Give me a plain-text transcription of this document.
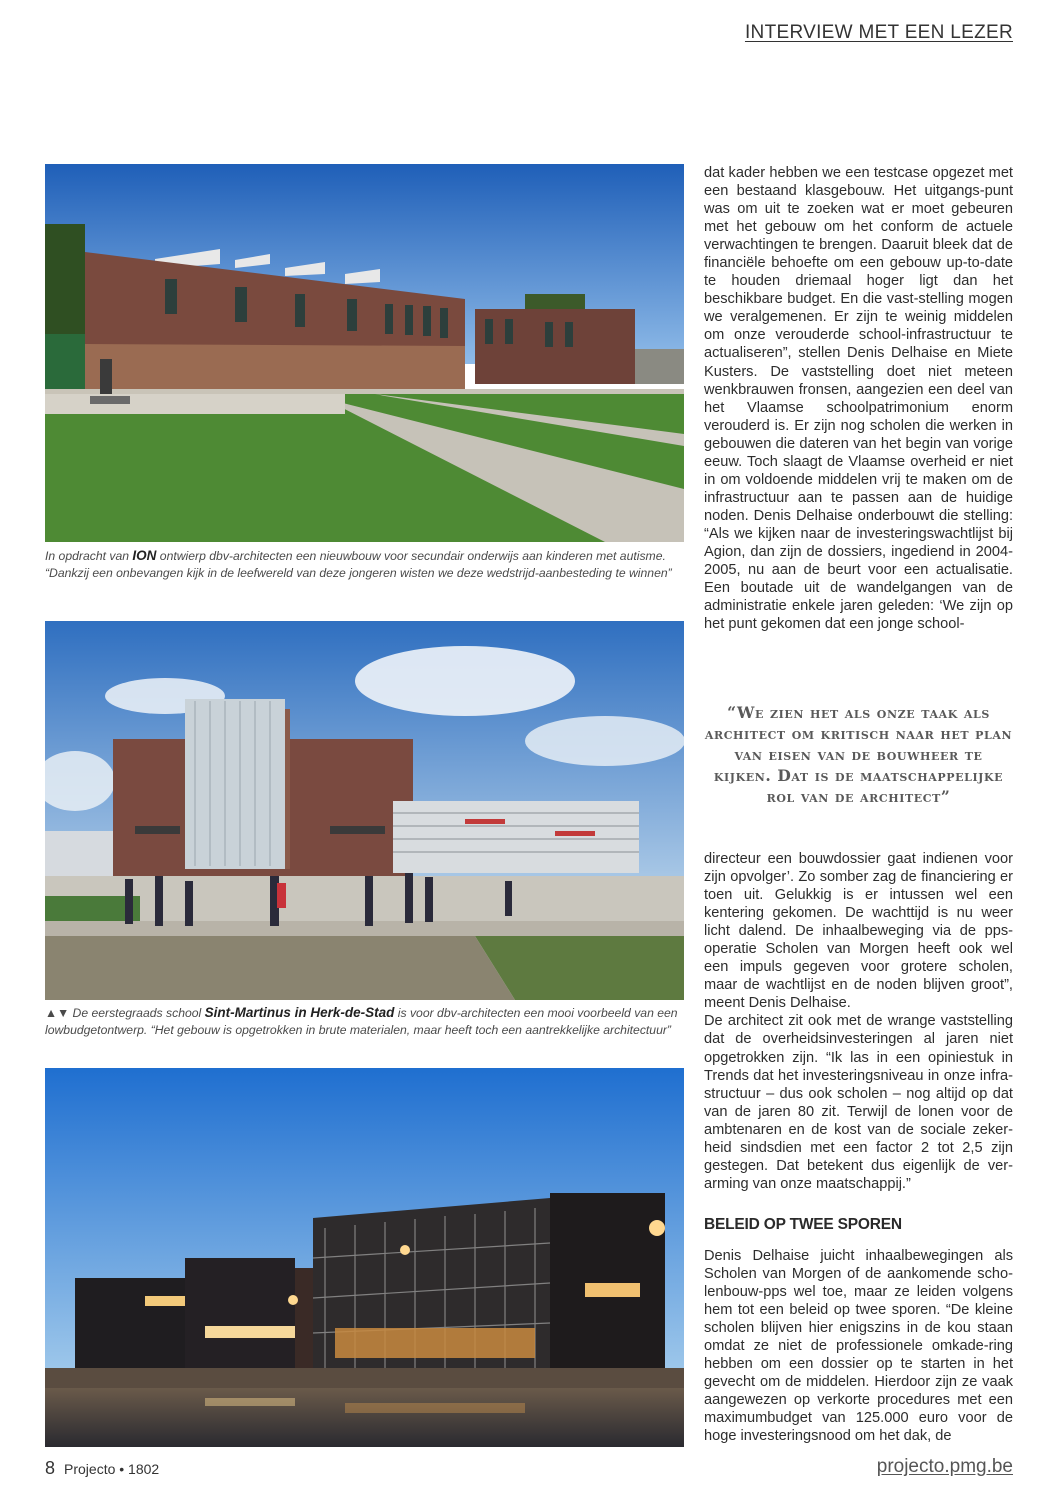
INTERVIEW MET EEN LEZER
In opdracht van ION ontwierp dbv-architecten een nieuwbouw voor secundair onderwijs aan kinderen met autisme. “Dankzij een onbevangen kijk in de leefwereld van deze jongeren wisten we deze wedstrijd-aanbesteding te winnen”
▲▼ De eerstegraads school Sint-Martinus in Herk-de-Stad is voor dbv-architecten een mooi voorbeeld van een lowbudgetontwerp. “Het gebouw is opgetrokken in brute materialen, maar heeft toch een aantrekkelijke architectuur”

dat kader hebben we een testcase opgezet met een bestaand klasgebouw. Het uitgangs-punt was om uit te zoeken wat er moet gebeuren met het gebouw om het conform de actuele verwachtingen te brengen. Daaruit bleek dat de financiële behoefte om een gebouw up-to-date te houden driemaal hoger ligt dan het beschikbare budget. En die vast-stelling mogen we veralgemenen. Er zijn te weinig middelen om onze verouderde school-infrastructuur te actualiseren”, stellen Denis Delhaise en Miete Kusters. De vaststelling doet niet meteen wenkbrauwen fronsen, aangezien een deel van het Vlaamse schoolpatrimonium enorm verouderd is. Er zijn nog scholen die werken in gebouwen die dateren van het begin van vorige eeuw. Toch slaagt de Vlaamse overheid er niet in om voldoende middelen vrij te maken om de infrastructuur aan te passen aan de huidige noden. Denis Delhaise onderbouwt die stelling: “Als we kijken naar de investeringswachtlijst bij Agion, dan zijn de dossiers, ingediend in 2004-2005, nu aan de beurt voor een actualisatie. Een boutade uit de wandelgangen van de administratie enkele jaren geleden: ‘We zijn op het punt gekomen dat een jonge school-

“We zien het als onze taak als architect om kritisch naar het plan van eisen van de bouwheer te kijken. Dat is de maatschappelijke rol van de architect”

directeur een bouwdossier gaat indienen voor zijn opvolger’. Zo somber zag de financiering er toen uit. Gelukkig is er intussen wel een kentering gekomen. De wachttijd is nu weer licht dalend. De inhaalbeweging via de pps-operatie Scholen van Morgen heeft ook wel een impuls gegeven voor grotere scholen, maar de wachtlijst en de noden blijven groot”, meent Denis Delhaise.

De architect zit ook met de wrange vaststelling dat de overheidsinvesteringen al jaren niet opgetrokken zijn. “Ik las in een opiniestuk in Trends dat het investeringsniveau in onze infra-structuur – dus ook scholen – nog altijd op dat van de jaren 80 zit. Terwijl de lonen voor de ambtenaren en de kost van de sociale zeker-heid sindsdien met een factor 2 tot 2,5 zijn gestegen. Dat betekent dus eigenlijk de ver-arming van onze maatschappij.”

BELEID OP TWEE SPOREN

Denis Delhaise juicht inhaalbewegingen als Scholen van Morgen of de aankomende scho-lenbouw-pps wel toe, maar ze leiden volgens hem tot een beleid op twee sporen. “De kleine scholen blijven hier enigszins in de kou staan omdat ze niet de professionele omkade-ring hebben om een dossier op te starten in het gevecht om de middelen. Hierdoor zijn ze vaak aangewezen op verkorte procedures met een maximumbudget van 125.000 euro voor de hoge investeringsnood om het dak, de

8 Projecto • 1802	projecto.pmg.be
